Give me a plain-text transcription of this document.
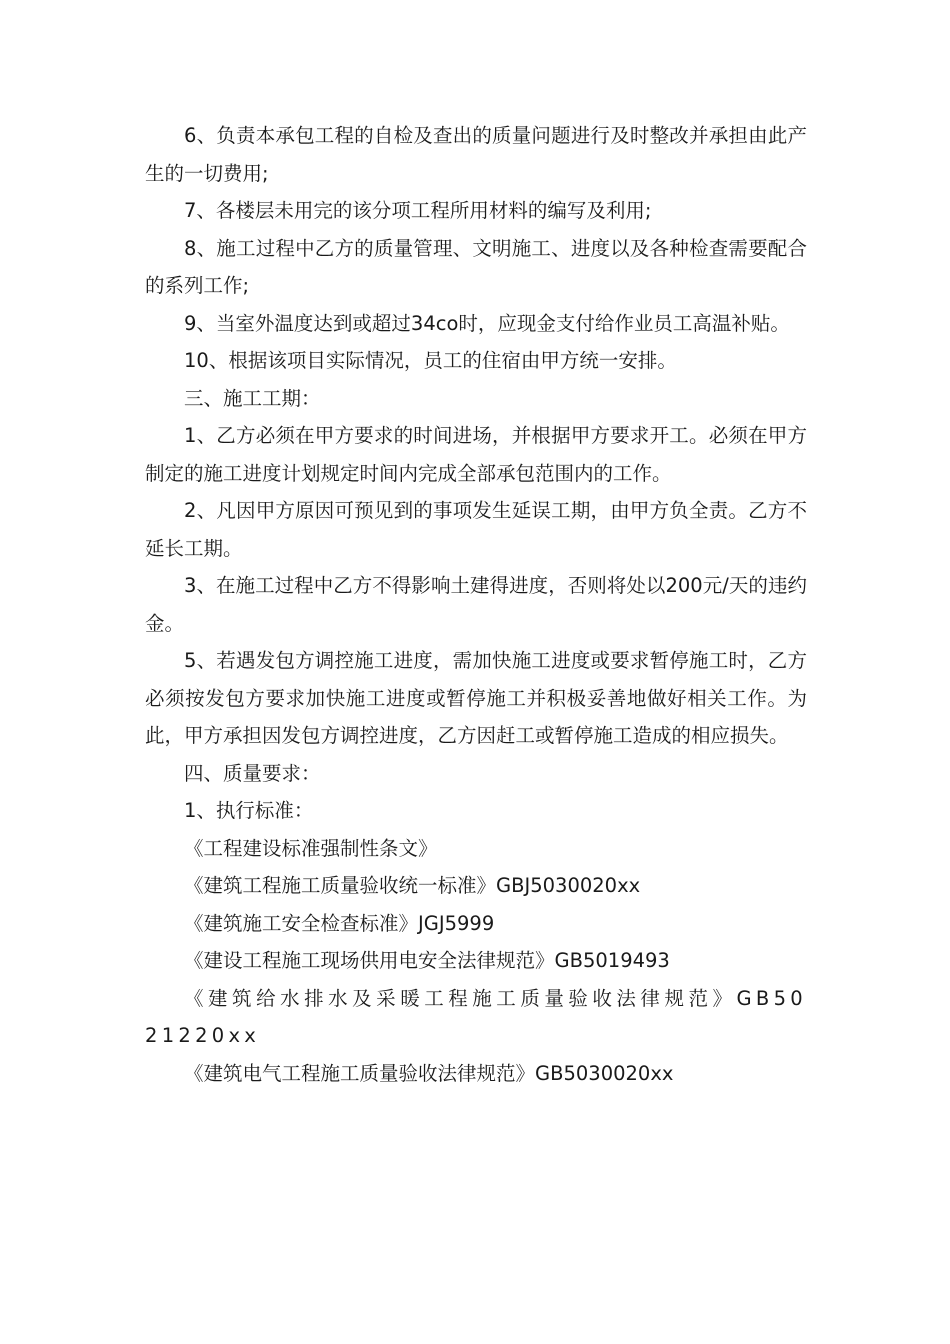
6、负责本承包工程的自检及查出的质量问题进行及时整改并承担由此产生的一切费用;

7、各楼层未用完的该分项工程所用材料的编写及利用;

8、施工过程中乙方的质量管理、文明施工、进度以及各种检查需要配合的系列工作;

9、当室外温度达到或超过34co时，应现金支付给作业员工高温补贴。

10、根据该项目实际情况，员工的住宿由甲方统一安排。

三、施工工期：

1、乙方必须在甲方要求的时间进场，并根据甲方要求开工。必须在甲方制定的施工进度计划规定时间内完成全部承包范围内的工作。

2、凡因甲方原因可预见到的事项发生延误工期，由甲方负全责。乙方不延长工期。

3、在施工过程中乙方不得影响土建得进度，否则将处以200元/天的违约金。

5、若遇发包方调控施工进度，需加快施工进度或要求暂停施工时，乙方必须按发包方要求加快施工进度或暂停施工并积极妥善地做好相关工作。为此，甲方承担因发包方调控进度，乙方因赶工或暂停施工造成的相应损失。

四、质量要求：

1、执行标准：

《工程建设标准强制性条文》

《建筑工程施工质量验收统一标准》GBJ5030020xx

《建筑施工安全检查标准》JGJ5999

《建设工程施工现场供用电安全法律规范》GB5019493

《建筑给水排水及采暖工程施工质量验收法律规范》GB5021220xx

《建筑电气工程施工质量验收法律规范》GB5030020xx
